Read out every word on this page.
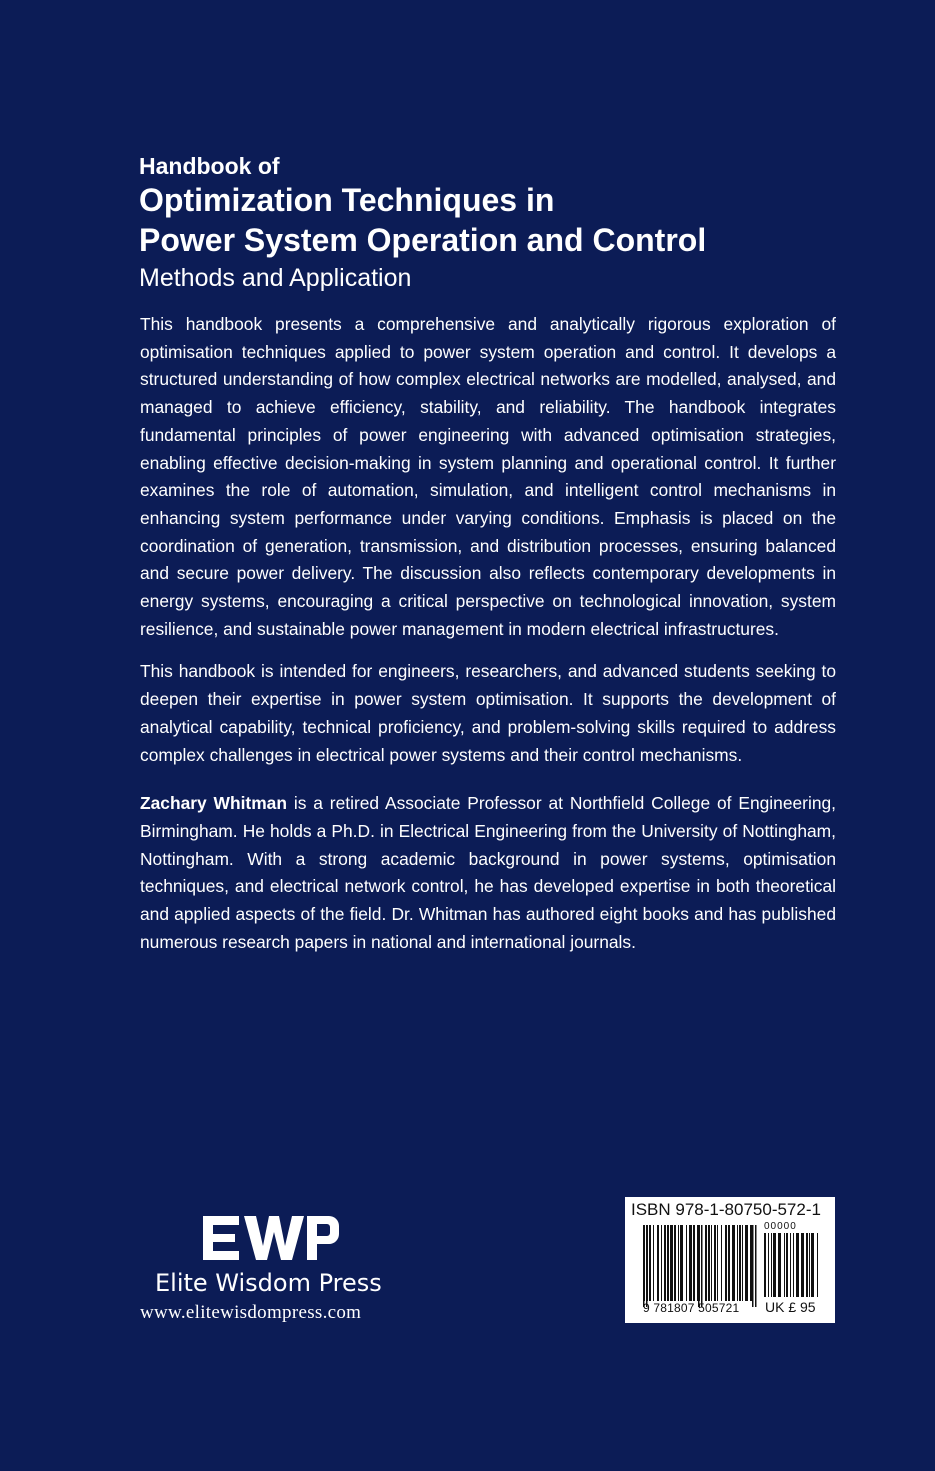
Handbook of
Optimization Techniques in
Power System Operation and Control
Methods and Application

This handbook presents a comprehensive and analytically rigorous exploration of optimisation techniques applied to power system operation and control. It develops a structured understanding of how complex electrical networks are modelled, analysed, and managed to achieve efficiency, stability, and reliability. The handbook integrates fundamental principles of power engineering with advanced optimisation strategies, enabling effective decision-making in system planning and operational control. It further examines the role of automation, simulation, and intelligent control mechanisms in enhancing system performance under varying conditions. Emphasis is placed on the coordination of generation, transmission, and distribution processes, ensuring balanced and secure power delivery. The discussion also reflects contemporary developments in energy systems, encouraging a critical perspective on technological innovation, system resilience, and sustainable power management in modern electrical infrastructures.

This handbook is intended for engineers, researchers, and advanced students seeking to deepen their expertise in power system optimisation. It supports the development of analytical capability, technical proficiency, and problem-solving skills required to address complex challenges in electrical power systems and their control mechanisms.

Zachary Whitman is a retired Associate Professor at Northfield College of Engineering, Birmingham. He holds a Ph.D. in Electrical Engineering from the University of Nottingham, Nottingham. With a strong academic background in power systems, optimisation techniques, and electrical network control, he has developed expertise in both theoretical and applied aspects of the field. Dr. Whitman has authored eight books and has published numerous research papers in national and international journals.

Elite Wisdom Press
www.elitewisdompress.com
ISBN 978-1-80750-572-1
00000
9 781807 505721 UK £ 95
